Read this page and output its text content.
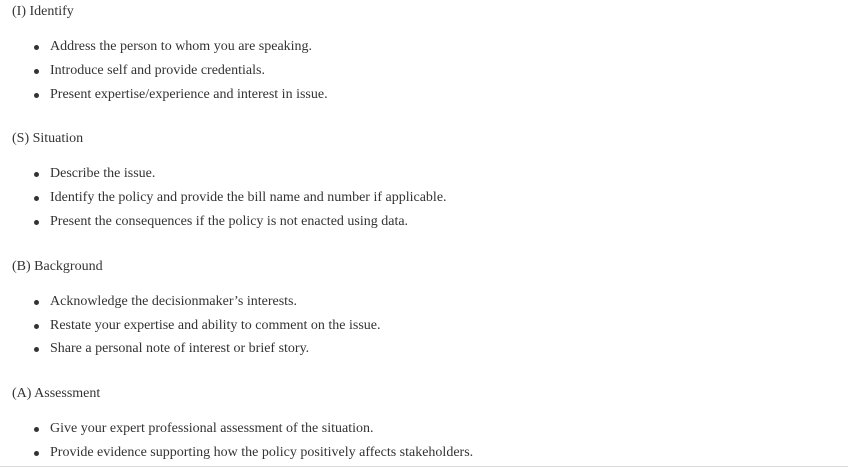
(I) Identify

Address the person to whom you are speaking.
Introduce self and provide credentials.
Present expertise/experience and interest in issue.

(S) Situation

Describe the issue.
Identify the policy and provide the bill name and number if applicable.
Present the consequences if the policy is not enacted using data.

(B) Background

Acknowledge the decisionmaker’s interests.
Restate your expertise and ability to comment on the issue.
Share a personal note of interest or brief story.

(A) Assessment

Give your expert professional assessment of the situation.
Provide evidence supporting how the policy positively affects stakeholders.
